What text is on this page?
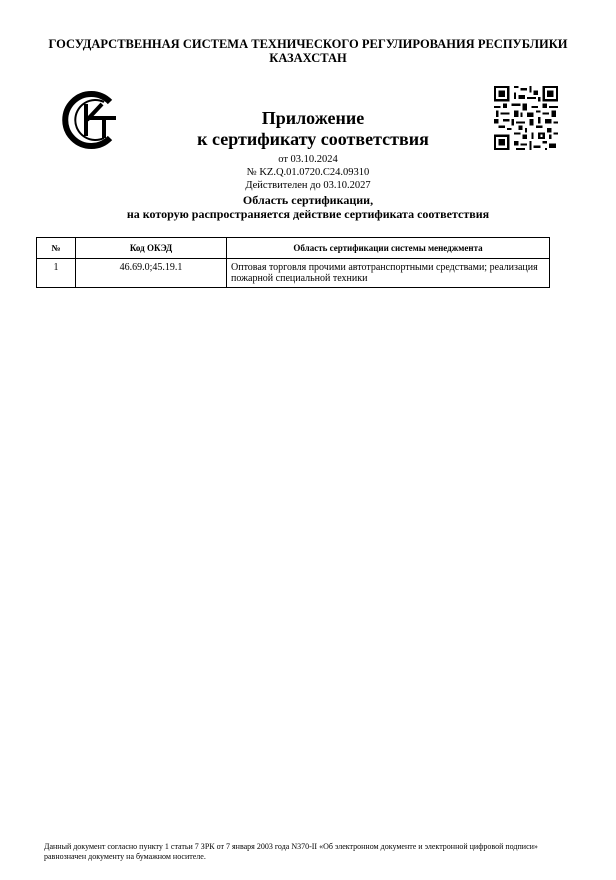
ГОСУДАРСТВЕННАЯ СИСТЕМА ТЕХНИЧЕСКОГО РЕГУЛИРОВАНИЯ РЕСПУБЛИКИ
КАЗАХСТАН
Приложение
к сертификату соответствия
от 03.10.2024
№ KZ.Q.01.0720.C24.09310
Действителен до 03.10.2027
Область сертификации,
на которую распространяется действие сертификата соответствия
№	Код ОКЭД	Область сертификации системы менеджмента
1	46.69.0;45.19.1	Оптовая торговля прочими автотранспортными средствами; реализация пожарной специальной техники
Данный документ согласно пункту 1 статьи 7 ЗРК от 7 января 2003 года N370-II «Об электронном документе и электронной цифровой подписи»
равнозначен документу на бумажном носителе.
